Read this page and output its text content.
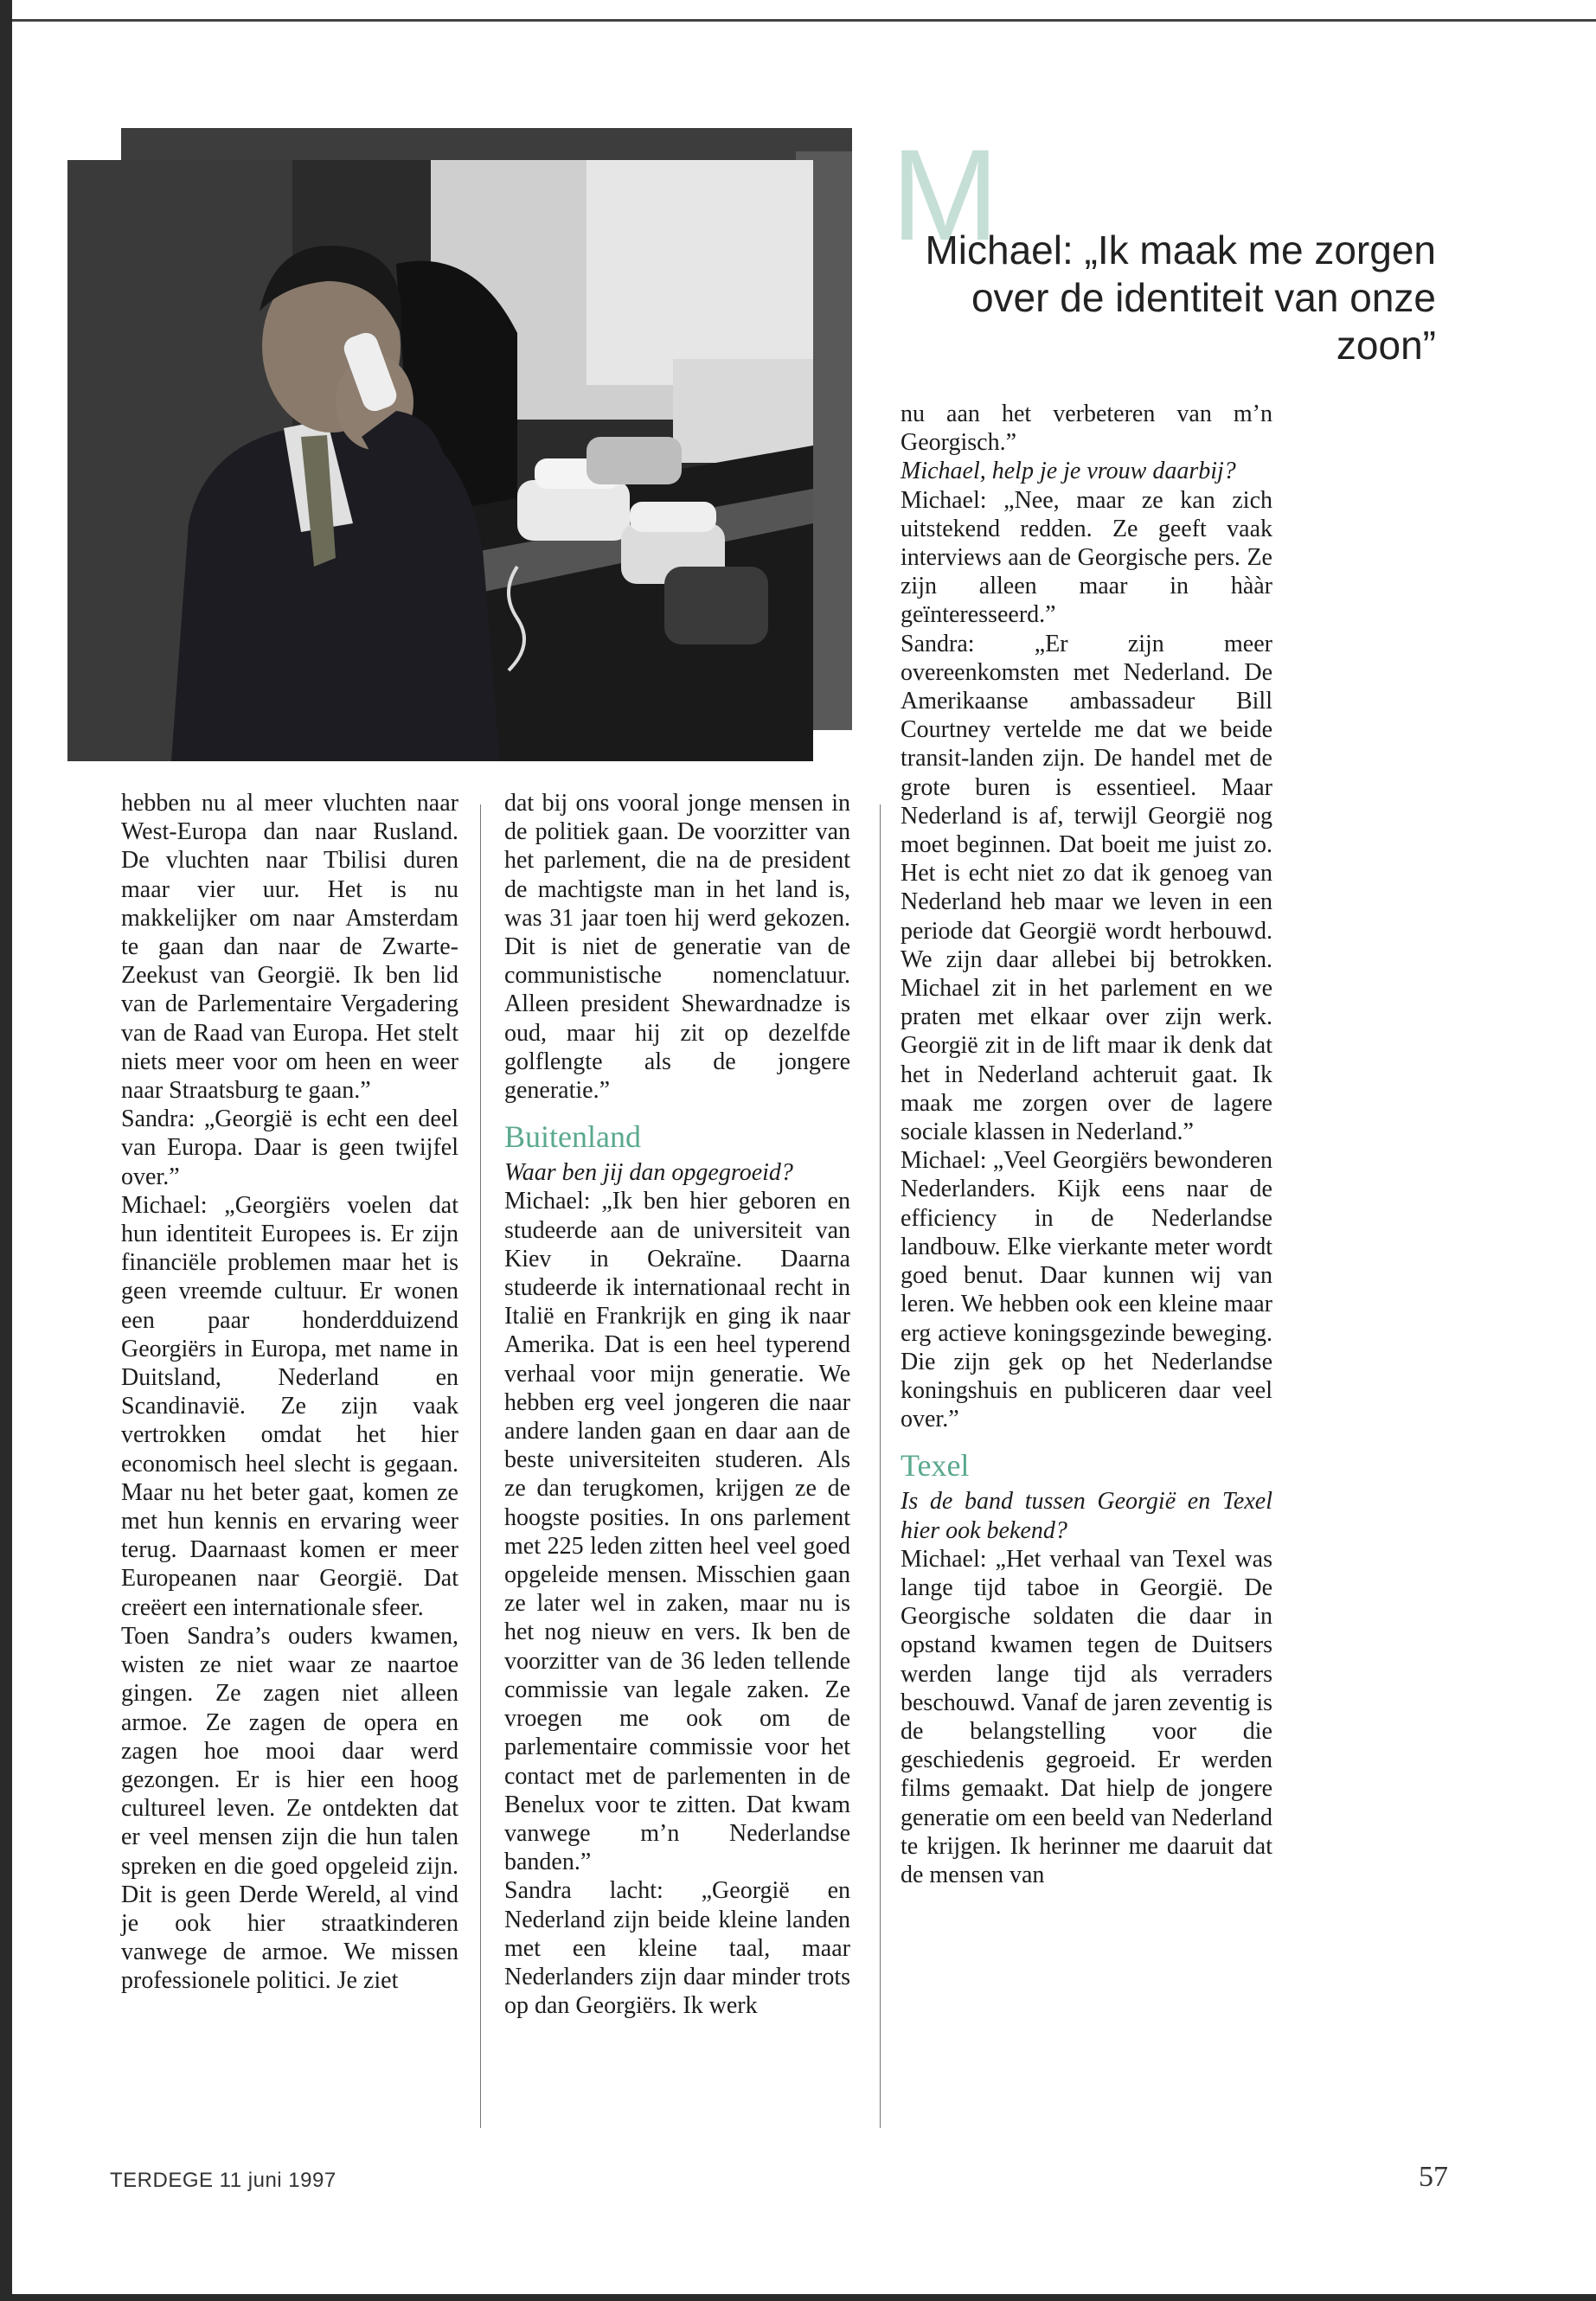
M
Michael: „Ik maak me zorgen over de identiteit van onze zoon”

hebben nu al meer vluchten naar West-Europa dan naar Rusland. De vluchten naar Tbilisi duren maar vier uur. Het is nu makkelijker om naar Amsterdam te gaan dan naar de Zwarte-Zeekust van Georgië. Ik ben lid van de Parlementaire Vergadering van de Raad van Europa. Het stelt niets meer voor om heen en weer naar Straatsburg te gaan.”

Sandra: „Georgië is echt een deel van Europa. Daar is geen twijfel over.”

Michael: „Georgiërs voelen dat hun identiteit Europees is. Er zijn financiële problemen maar het is geen vreemde cultuur. Er wonen een paar honderdduizend Georgiërs in Europa, met name in Duitsland, Nederland en Scandinavië. Ze zijn vaak vertrokken omdat het hier economisch heel slecht is gegaan. Maar nu het beter gaat, komen ze met hun kennis en ervaring weer terug. Daarnaast komen er meer Europeanen naar Georgië. Dat creëert een internationale sfeer.

Toen Sandra’s ouders kwamen, wisten ze niet waar ze naartoe gingen. Ze zagen niet alleen armoe. Ze zagen de opera en zagen hoe mooi daar werd gezongen. Er is hier een hoog cultureel leven. Ze ontdekten dat er veel mensen zijn die hun talen spreken en die goed opgeleid zijn. Dit is geen Derde Wereld, al vind je ook hier straatkinderen vanwege de armoe. We missen professionele politici. Je ziet

dat bij ons vooral jonge mensen in de politiek gaan. De voorzitter van het parlement, die na de president de machtigste man in het land is, was 31 jaar toen hij werd gekozen. Dit is niet de generatie van de communistische nomenclatuur. Alleen president Shewardnadze is oud, maar hij zit op dezelfde golflengte als de jongere generatie.”

Buitenland

Waar ben jij dan opgegroeid?

Michael: „Ik ben hier geboren en studeerde aan de universiteit van Kiev in Oekraïne. Daarna studeerde ik internationaal recht in Italië en Frankrijk en ging ik naar Amerika. Dat is een heel typerend verhaal voor mijn generatie. We hebben erg veel jongeren die naar andere landen gaan en daar aan de beste universiteiten studeren. Als ze dan terugkomen, krijgen ze de hoogste posities. In ons parlement met 225 leden zitten heel veel goed opgeleide mensen. Misschien gaan ze later wel in zaken, maar nu is het nog nieuw en vers. Ik ben de voorzitter van de 36 leden tellende commissie van legale zaken. Ze vroegen me ook om de parlementaire commissie voor het contact met de parlementen in de Benelux voor te zitten. Dat kwam vanwege m’n Nederlandse banden.”

Sandra lacht: „Georgië en Nederland zijn beide kleine landen met een kleine taal, maar Nederlanders zijn daar minder trots op dan Georgiërs. Ik werk

nu aan het verbeteren van m’n Georgisch.”

Michael, help je je vrouw daarbij?

Michael: „Nee, maar ze kan zich uitstekend redden. Ze geeft vaak interviews aan de Georgische pers. Ze zijn alleen maar in hààr geïnteresseerd.”

Sandra: „Er zijn meer overeenkomsten met Nederland. De Amerikaanse ambassadeur Bill Courtney vertelde me dat we beide transit-landen zijn. De handel met de grote buren is essentieel. Maar Nederland is af, terwijl Georgië nog moet beginnen. Dat boeit me juist zo. Het is echt niet zo dat ik genoeg van Nederland heb maar we leven in een periode dat Georgië wordt herbouwd. We zijn daar allebei bij betrokken. Michael zit in het parlement en we praten met elkaar over zijn werk. Georgië zit in de lift maar ik denk dat het in Nederland achteruit gaat. Ik maak me zorgen over de lagere sociale klassen in Nederland.”

Michael: „Veel Georgiërs bewonderen Nederlanders. Kijk eens naar de efficiency in de Nederlandse landbouw. Elke vierkante meter wordt goed benut. Daar kunnen wij van leren. We hebben ook een kleine maar erg actieve koningsgezinde beweging. Die zijn gek op het Nederlandse koningshuis en publiceren daar veel over.”

Texel

Is de band tussen Georgië en Texel hier ook bekend?

Michael: „Het verhaal van Texel was lange tijd taboe in Georgië. De Georgische soldaten die daar in opstand kwamen tegen de Duitsers werden lange tijd als verraders beschouwd. Vanaf de jaren zeventig is de belangstelling voor die geschiedenis gegroeid. Er werden films gemaakt. Dat hielp de jongere generatie om een beeld van Nederland te krijgen. Ik herinner me daaruit dat de mensen van

TERDEGE 11 juni 1997	57
